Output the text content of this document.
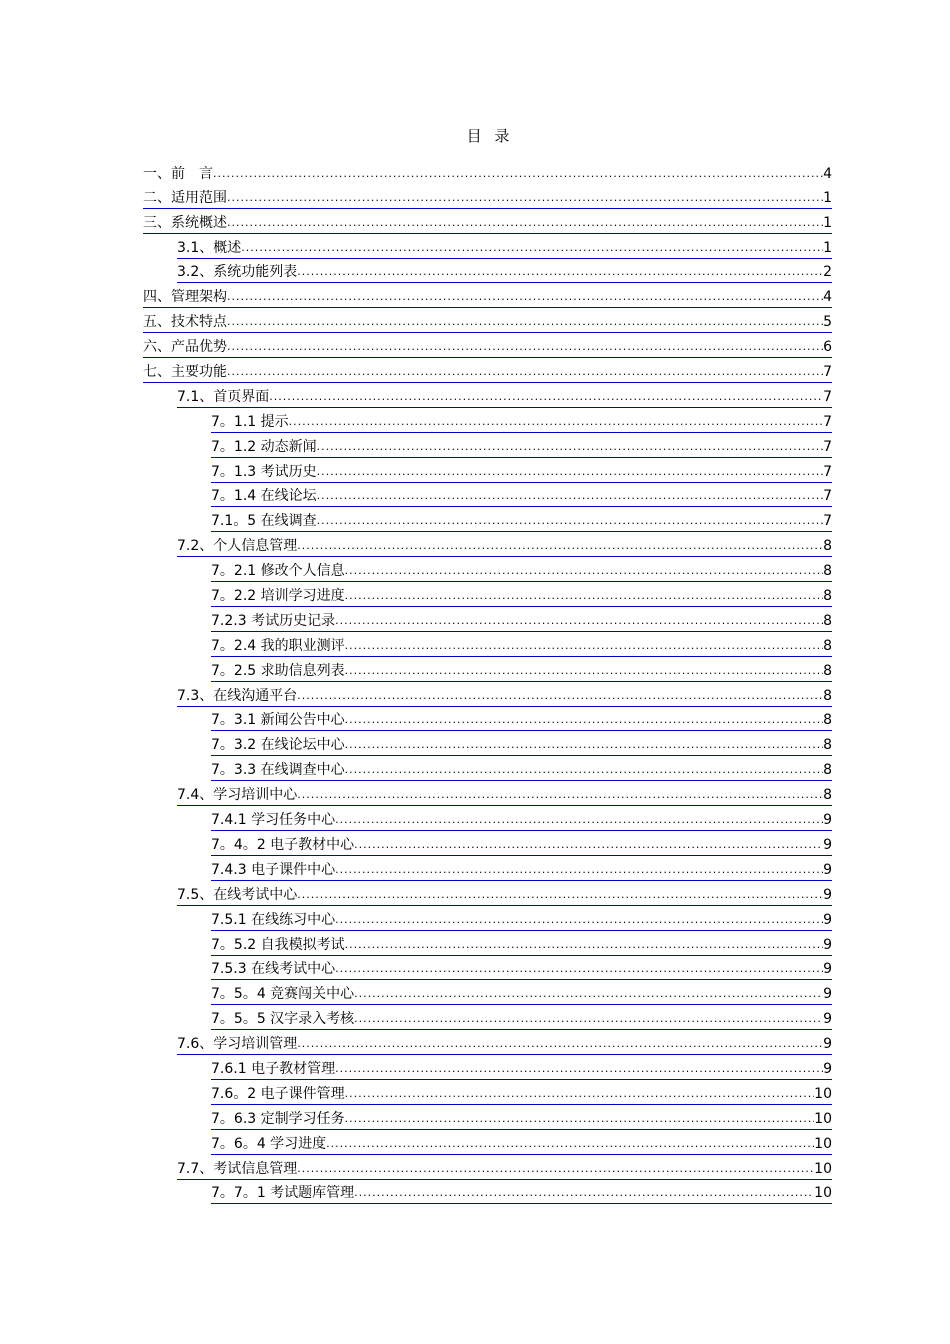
目 录
一、前　言 .....	4
二、适用范围 .....	1
三、系统概述 .....	1
3.1、概述 .....	1
3.2、系统功能列表 .....	2
四、管理架构 .....	4
五、技术特点 .....	5
六、产品优势 .....	6
七、主要功能 .....	7
7.1、首页界面 .....	7
7。1.1 提示 .....	7
7。1.2 动态新闻 .....	7
7。1.3 考试历史 .....	7
7。1.4 在线论坛 .....	7
7.1。5 在线调查 .....	7
7.2、个人信息管理 .....	8
7。2.1 修改个人信息 .....	8
7。2.2 培训学习进度 .....	8
7.2.3 考试历史记录 .....	8
7。2.4 我的职业测评 .....	8
7。2.5 求助信息列表 .....	8
7.3、在线沟通平台 .....	8
7。3.1 新闻公告中心 .....	8
7。3.2 在线论坛中心 .....	8
7。3.3 在线调查中心 .....	8
7.4、学习培训中心 .....	8
7.4.1 学习任务中心 .....	9
7。4。2 电子教材中心 .....	9
7.4.3 电子课件中心 .....	9
7.5、在线考试中心 .....	9
7.5.1 在线练习中心 .....	9
7。5.2 自我模拟考试 .....	9
7.5.3 在线考试中心 .....	9
7。5。4 竞赛闯关中心 .....	9
7。5。5 汉字录入考核 .....	9
7.6、学习培训管理 .....	9
7.6.1 电子教材管理 .....	9
7.6。2 电子课件管理 .....	10
7。6.3 定制学习任务 .....	10
7。6。4 学习进度 .....	10
7.7、考试信息管理 .....	10
7。7。1 考试题库管理 .....	10
